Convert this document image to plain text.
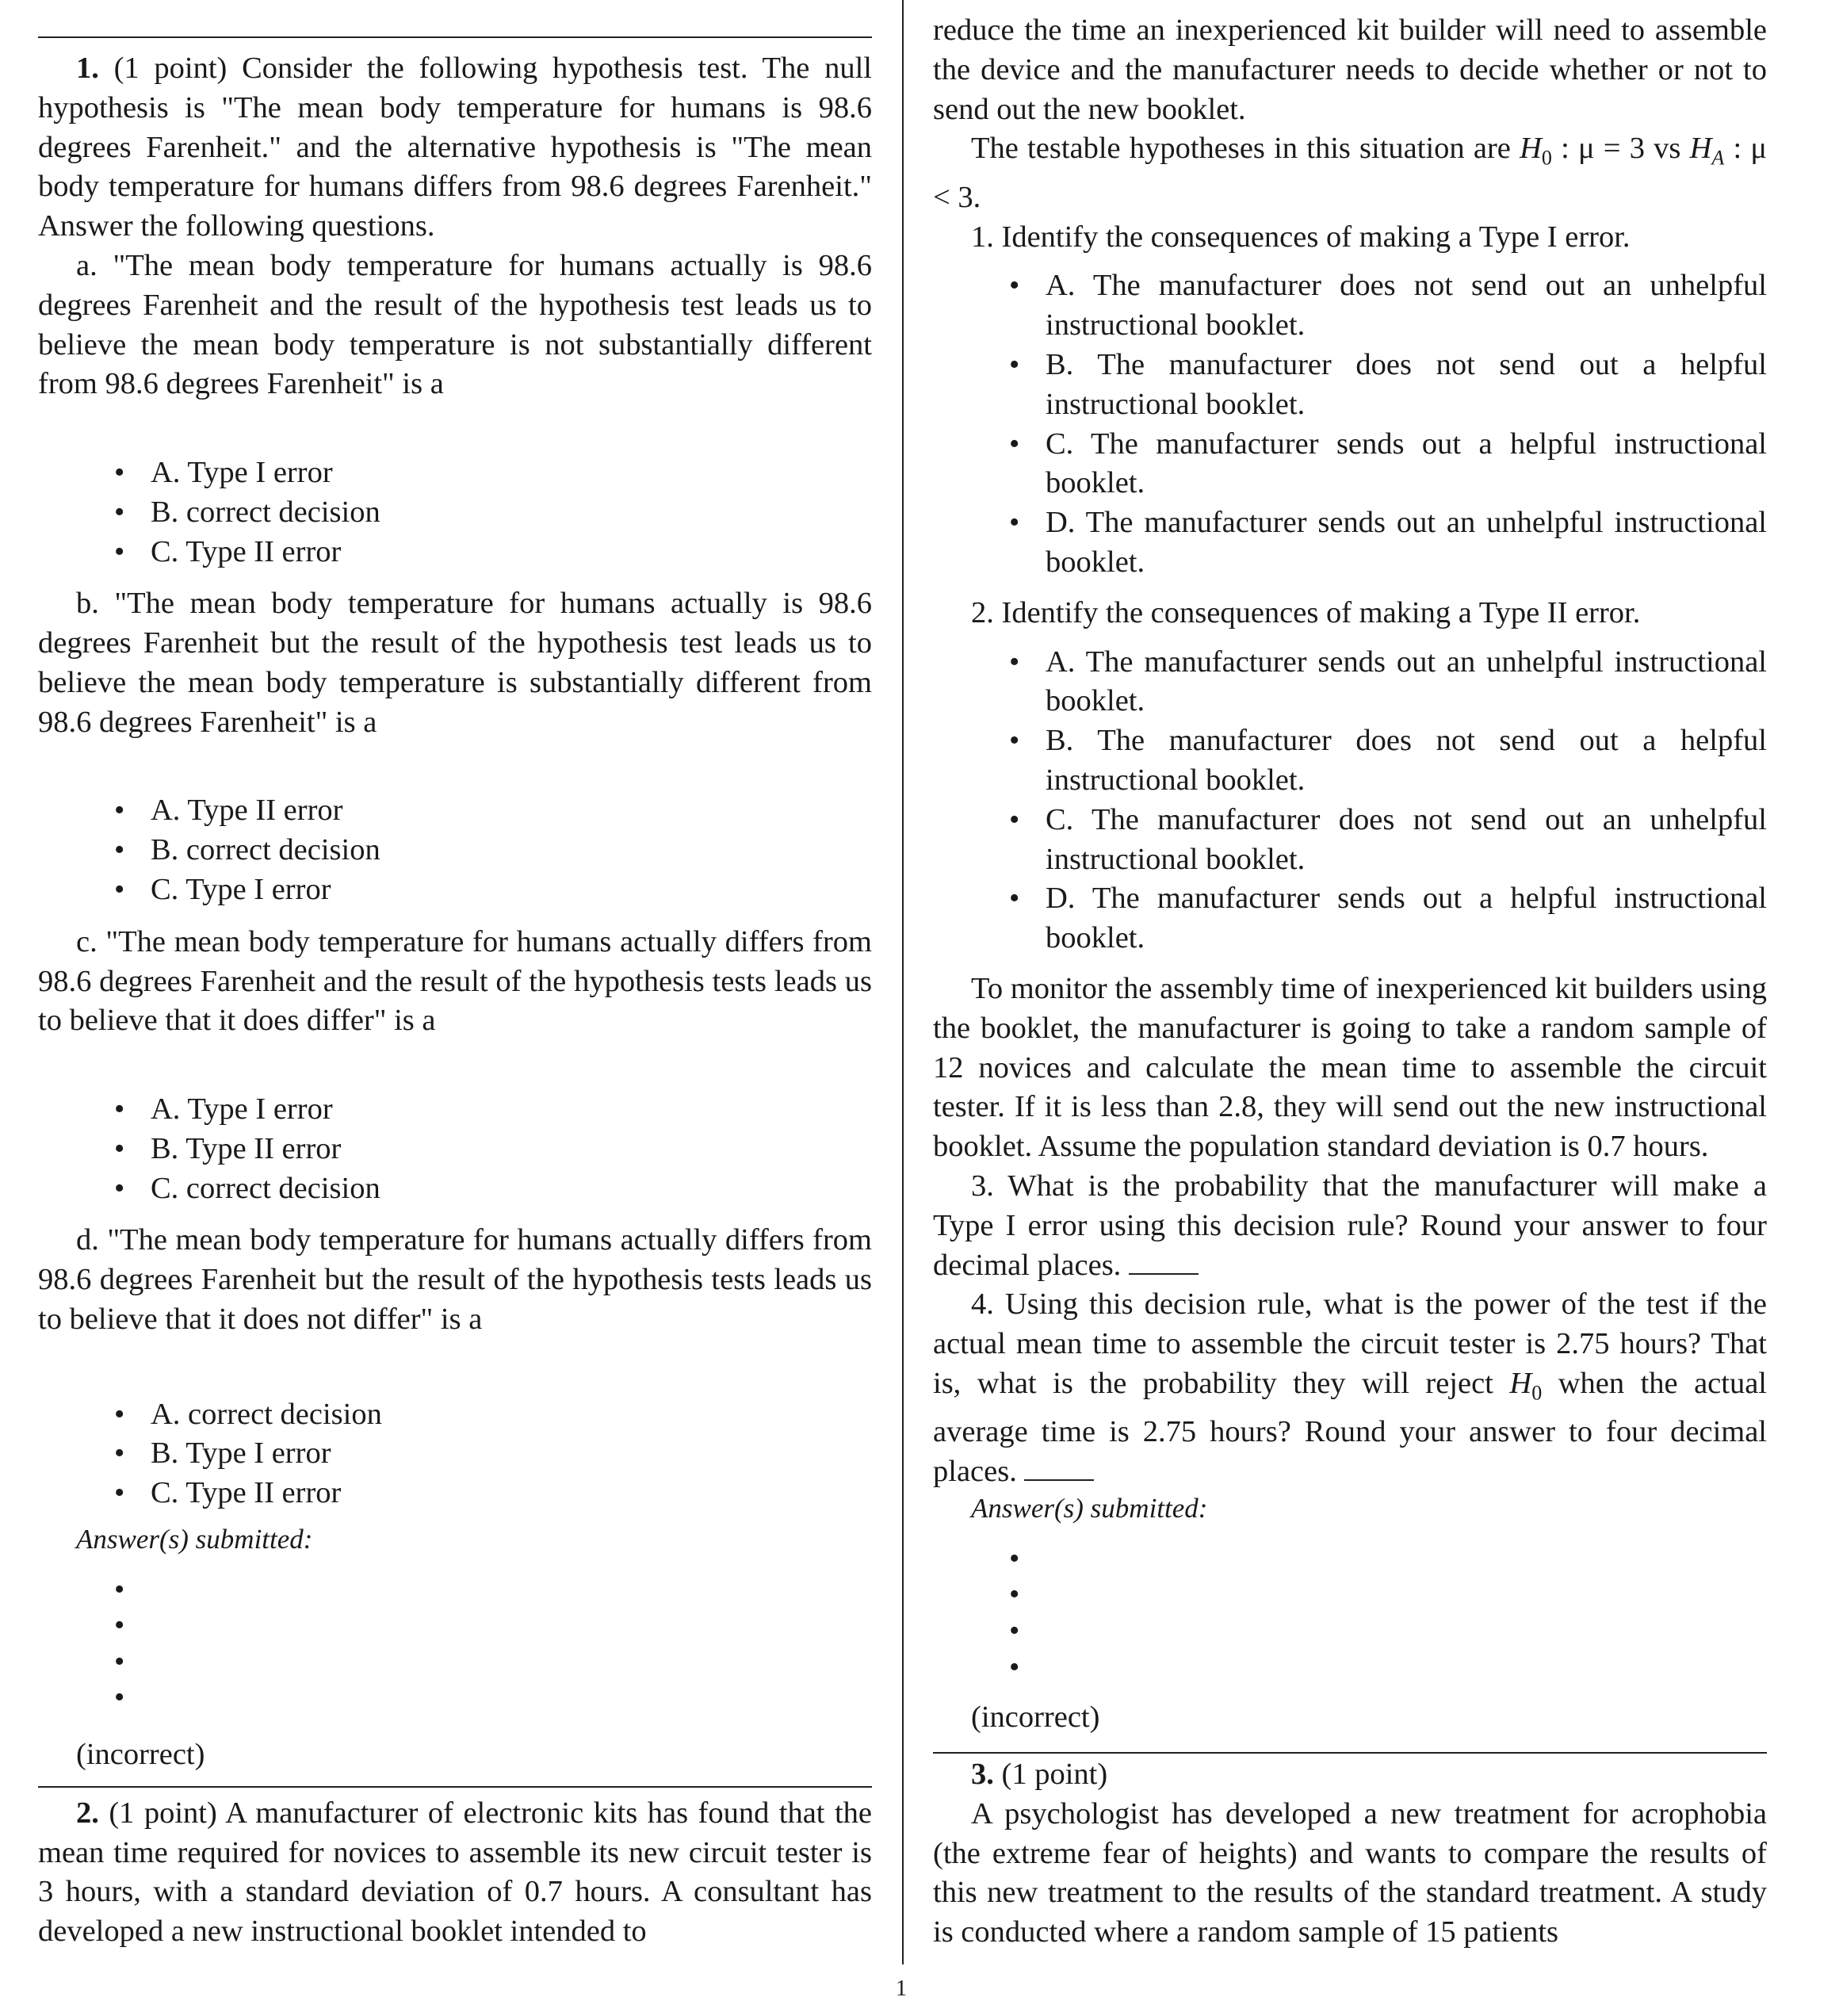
1. (1 point) Consider the following hypothesis test. The null hypothesis is "The mean body temperature for humans is 98.6 degrees Farenheit." and the alternative hypothesis is "The mean body temperature for humans differs from 98.6 degrees Farenheit." Answer the following questions.

a. "The mean body temperature for humans actually is 98.6 degrees Farenheit and the result of the hypothesis test leads us to believe the mean body temperature is not substantially different from 98.6 degrees Farenheit" is a

• A. Type I error
• B. correct decision
• C. Type II error

b. "The mean body temperature for humans actually is 98.6 degrees Farenheit but the result of the hypothesis test leads us to believe the mean body temperature is substantially different from 98.6 degrees Farenheit" is a

• A. Type II error
• B. correct decision
• C. Type I error

c. "The mean body temperature for humans actually differs from 98.6 degrees Farenheit and the result of the hypothesis tests leads us to believe that it does differ" is a

• A. Type I error
• B. Type II error
• C. correct decision

d. "The mean body temperature for humans actually differs from 98.6 degrees Farenheit but the result of the hypothesis tests leads us to believe that it does not differ" is a

• A. correct decision
• B. Type I error
• C. Type II error
Answer(s) submitted:
•
•
•
•
(incorrect)

2. (1 point) A manufacturer of electronic kits has found that the mean time required for novices to assemble its new circuit tester is 3 hours, with a standard deviation of 0.7 hours. A consultant has developed a new instructional booklet intended to

reduce the time an inexperienced kit builder will need to assemble the device and the manufacturer needs to decide whether or not to send out the new booklet.

The testable hypotheses in this situation are $H_0$ : μ = 3 vs $H_A$ : μ < 3.

1. Identify the consequences of making a Type I error.
• A. The manufacturer does not send out an unhelpful instructional booklet.
• B. The manufacturer does not send out a helpful instructional booklet.
• C. The manufacturer sends out a helpful instructional booklet.
• D. The manufacturer sends out an unhelpful instructional booklet.
2. Identify the consequences of making a Type II error.
• A. The manufacturer sends out an unhelpful instructional booklet.
• B. The manufacturer does not send out a helpful instructional booklet.
• C. The manufacturer does not send out an unhelpful instructional booklet.
• D. The manufacturer sends out a helpful instructional booklet.

To monitor the assembly time of inexperienced kit builders using the booklet, the manufacturer is going to take a random sample of 12 novices and calculate the mean time to assemble the circuit tester. If it is less than 2.8, they will send out the new instructional booklet. Assume the population standard deviation is 0.7 hours.

3. What is the probability that the manufacturer will make a Type I error using this decision rule? Round your answer to four decimal places.

4. Using this decision rule, what is the power of the test if the actual mean time to assemble the circuit tester is 2.75 hours? That is, what is the probability they will reject $H_0$ when the actual average time is 2.75 hours? Round your answer to four decimal places.

Answer(s) submitted:
•
•
•
•
(incorrect)
3. (1 point)

A psychologist has developed a new treatment for acrophobia (the extreme fear of heights) and wants to compare the results of this new treatment to the results of the standard treatment. A study is conducted where a random sample of 15 patients

1
